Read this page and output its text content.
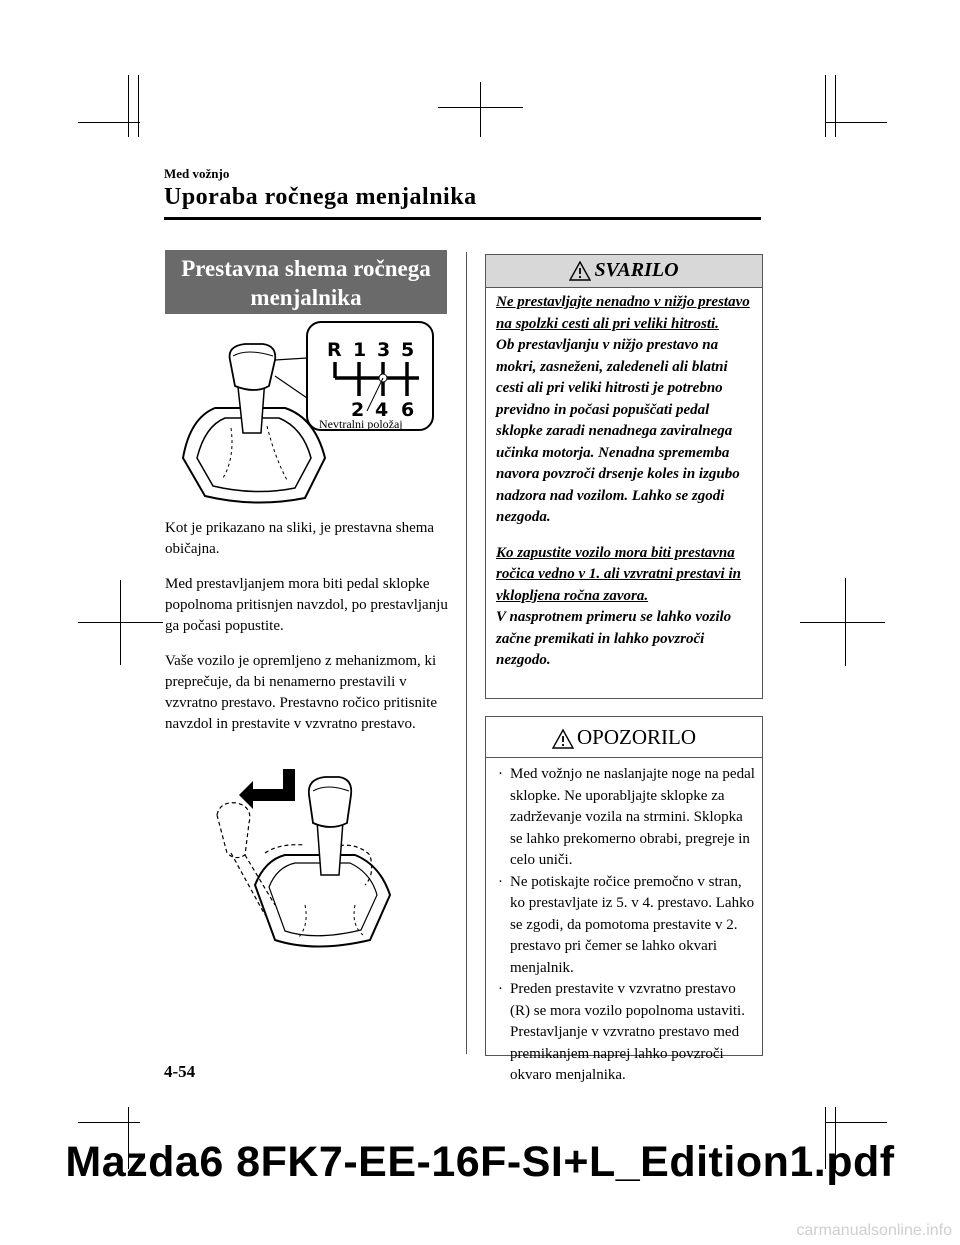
Med vožnjo
Uporaba ročnega menjalnika
Prestavna shema ročnega menjalnika
R 1 3 5
2 4 6
Nevtralni položaj

Kot je prikazano na sliki, je prestavna shema običajna.

Med prestavljanjem mora biti pedal sklopke popolnoma pritisnjen navzdol, po prestavljanju ga počasi popustite.

Vaše vozilo je opremljeno z mehanizmom, ki preprečuje, da bi nenamerno prestavili v vzvratno prestavo. Prestavno ročico pritisnite navzdol in prestavite v vzvratno prestavo.

SVARILO

Ne prestavljajte nenadno v nižjo prestavo na spolzki cesti ali pri veliki hitrosti.
Ob prestavljanju v nižjo prestavo na mokri, zasneženi, zaledeneli ali blatni cesti ali pri veliki hitrosti je potrebno previdno in počasi popuščati pedal sklopke zaradi nenadnega zaviralnega učinka motorja. Nenadna sprememba navora povzroči drsenje koles in izgubo nadzora nad vozilom. Lahko se zgodi nezgoda.

Ko zapustite vozilo mora biti prestavna ročica vedno v 1. ali vzvratni prestavi in vklopljena ročna zavora.
V nasprotnem primeru se lahko vozilo začne premikati in lahko povzroči nezgodo.

OPOZORILO
· Med vožnjo ne naslanjajte noge na pedal sklopke. Ne uporabljajte sklopke za zadrževanje vozila na strmini. Sklopka se lahko prekomerno obrabi, pregreje in celo uniči.
· Ne potiskajte ročice premočno v stran, ko prestavljate iz 5. v 4. prestavo. Lahko se zgodi, da pomotoma prestavite v 2. prestavo pri čemer se lahko okvari menjalnik.
· Preden prestavite v vzvratno prestavo (R) se mora vozilo popolnoma ustaviti. Prestavljanje v vzvratno prestavo med premikanjem naprej lahko povzroči okvaro menjalnika.
4-54
Mazda6 8FK7-EE-16F-SI+L_Edition1.pdf
carmanualsonline.info
